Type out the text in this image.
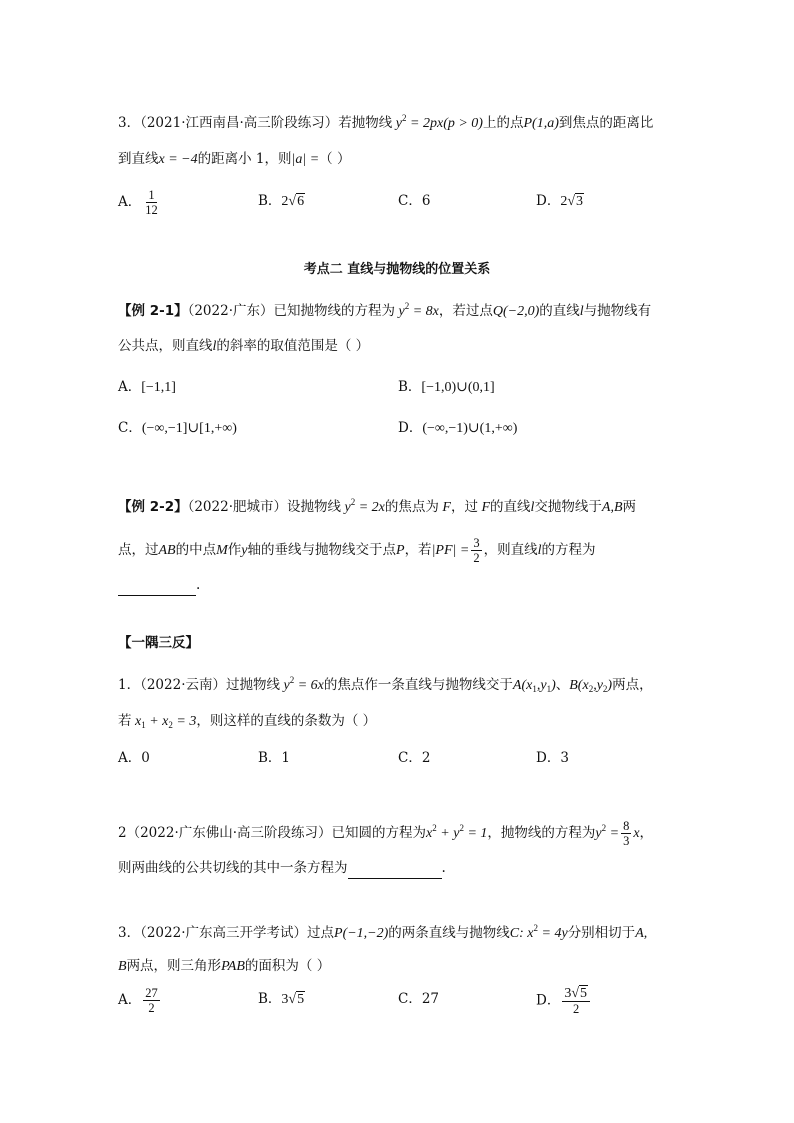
3．（2021·江西南昌·高三阶段练习）若抛物线 $y^2 = 2px(p > 0)$上的点P(1,a)到焦点的距离比
到直线x = −4的距离小 1，则|a| =（ ）
A． $\frac{1}{12}$	B．2√6	C．6	D．2√3
考点二 直线与抛物线的位置关系
【例 2-1】（2022·广东）已知抛物线的方程为 $y^2 = 8x$，若过点Q(−2,0)的直线l与抛物线有
公共点，则直线l的斜率的取值范围是（ ）
A．[−1,1]	B．[−1,0)∪(0,1]
C．(−∞,−1]∪[1,+∞)	D．(−∞,−1)∪(1,+∞)
【例 2-2】（2022·肥城市）设抛物线 $y^2 = 2x$的焦点为 F，过 F的直线l交抛物线于A,B两
点，过AB的中点M作y轴的垂线与抛物线交于点P，若$|PF| = \frac{3}{2}$ ，则直线l的方程为
.
【一隅三反】
1．（2022·云南）过抛物线 $y^2 = 6x$的焦点作一条直线与抛物线交于$A(x_1,y_1)$、$B(x_2,y_2)$两点，
若 $x_1 + x_2 = 3$，则这样的直线的条数为（ ）
A．0	B．1	C．2	D．3
2（2022·广东佛山·高三阶段练习）已知圆的方程为$x^2 + y^2 = 1$，抛物线的方程为$y^2 = \frac{8}{3}$ x，
则两曲线的公共切线的其中一条方程为	.
3．（2022·广东高三开学考试）过点P(−1,−2)的两条直线与抛物线C: $x^2 = 4y$分别相切于A,
B两点，则三角形PAB的面积为（ ）
A． $\frac{27}{2}$	B．3√5	C．27	D． $\frac{3√5}{2}$
